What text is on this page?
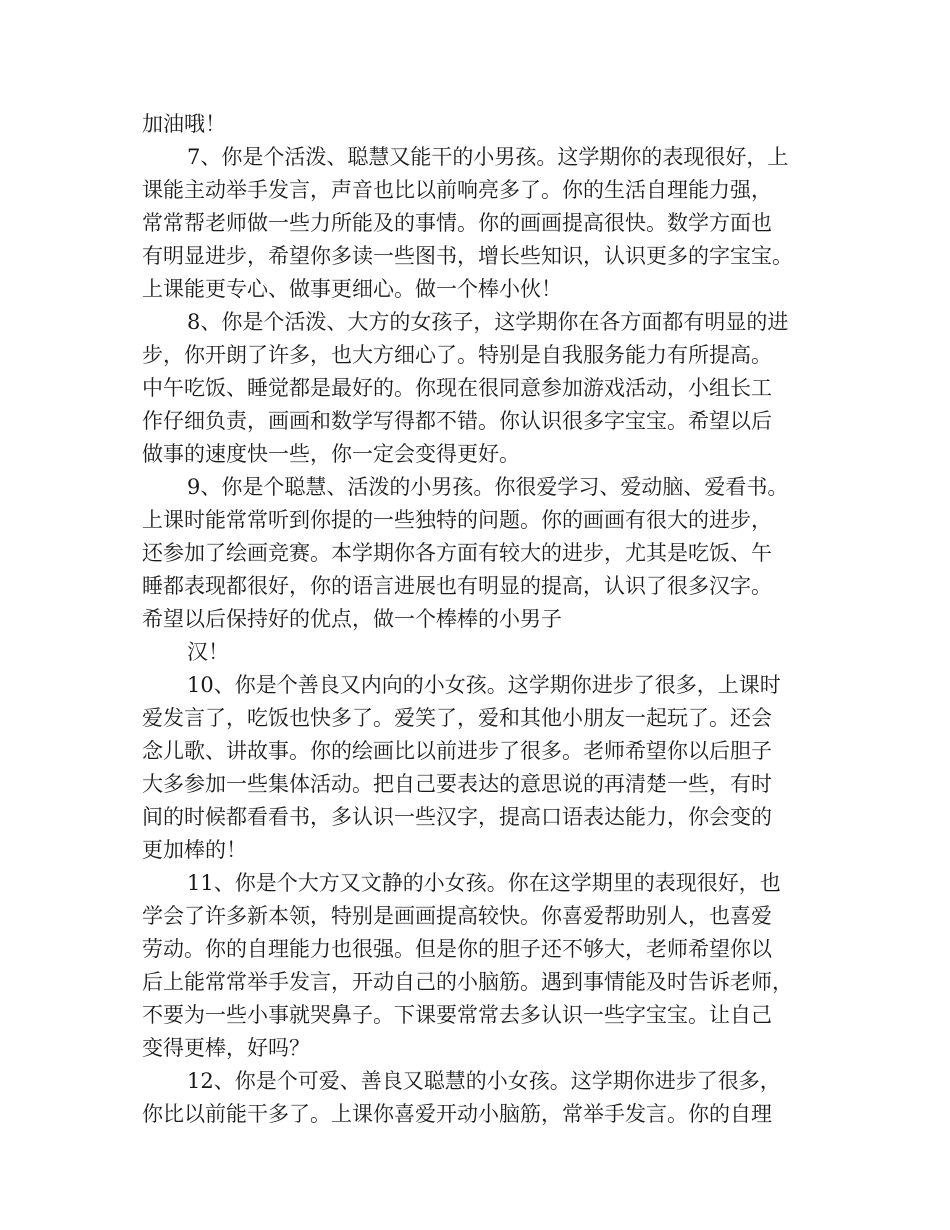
加油哦！

7、你是个活泼、聪慧又能干的小男孩。这学期你的表现很好，上

课能主动举手发言，声音也比以前响亮多了。你的生活自理能力强，

常常帮老师做一些力所能及的事情。你的画画提高很快。数学方面也

有明显进步，希望你多读一些图书，增长些知识，认识更多的字宝宝。

上课能更专心、做事更细心。做一个棒小伙！

8、你是个活泼、大方的女孩子，这学期你在各方面都有明显的进

步，你开朗了许多，也大方细心了。特别是自我服务能力有所提高。

中午吃饭、睡觉都是最好的。你现在很同意参加游戏活动，小组长工

作仔细负责，画画和数学写得都不错。你认识很多字宝宝。希望以后

做事的速度快一些，你一定会变得更好。

9、你是个聪慧、活泼的小男孩。你很爱学习、爱动脑、爱看书。

上课时能常常听到你提的一些独特的问题。你的画画有很大的进步，

还参加了绘画竞赛。本学期你各方面有较大的进步，尤其是吃饭、午

睡都表现都很好，你的语言进展也有明显的提高，认识了很多汉字。

希望以后保持好的优点，做一个棒棒的小男子

汉！

10、你是个善良又内向的小女孩。这学期你进步了很多，上课时

爱发言了，吃饭也快多了。爱笑了，爱和其他小朋友一起玩了。还会

念儿歌、讲故事。你的绘画比以前进步了很多。老师希望你以后胆子

大多参加一些集体活动。把自己要表达的意思说的再清楚一些，有时

间的时候都看看书，多认识一些汉字，提高口语表达能力，你会变的

更加棒的！

11、你是个大方又文静的小女孩。你在这学期里的表现很好，也

学会了许多新本领，特别是画画提高较快。你喜爱帮助别人，也喜爱

劳动。你的自理能力也很强。但是你的胆子还不够大，老师希望你以

后上能常常举手发言，开动自己的小脑筋。遇到事情能及时告诉老师，

不要为一些小事就哭鼻子。下课要常常去多认识一些字宝宝。让自己

变得更棒，好吗？

12、你是个可爱、善良又聪慧的小女孩。这学期你进步了很多，

你比以前能干多了。上课你喜爱开动小脑筋，常举手发言。你的自理
